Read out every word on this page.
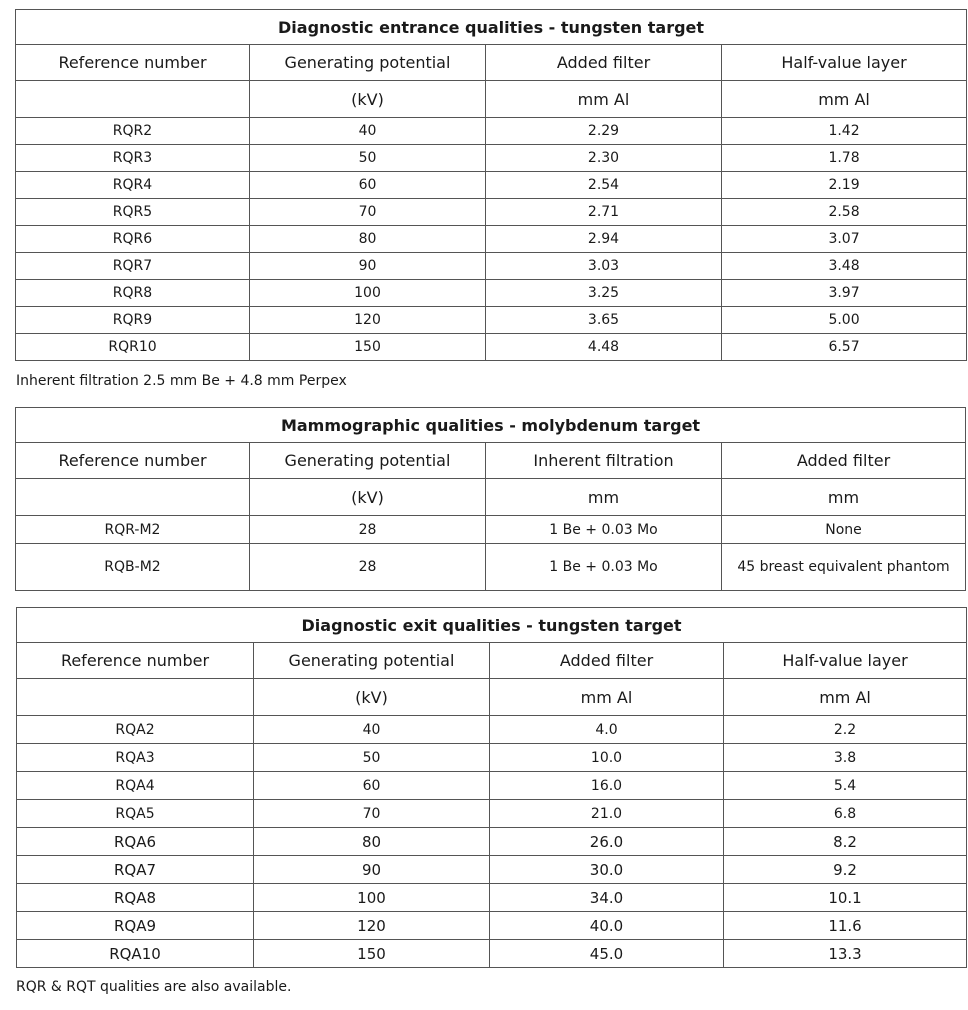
Diagnostic entrance qualities - tungsten target			
Reference number	Generating potential	Added filter	Half-value layer
	(kV)	mm Al	mm Al
RQR2	40	2.29	1.42
RQR3	50	2.30	1.78
RQR4	60	2.54	2.19
RQR5	70	2.71	2.58
RQR6	80	2.94	3.07
RQR7	90	3.03	3.48
RQR8	100	3.25	3.97
RQR9	120	3.65	5.00
RQR10	150	4.48	6.57
Inherent filtration 2.5 mm Be + 4.8 mm Perpex
Mammographic qualities - molybdenum target			
Reference number	Generating potential	Inherent filtration	Added filter
	(kV)	mm	mm
RQR-M2	28	1 Be + 0.03 Mo	None
RQB-M2	28	1 Be + 0.03 Mo	45 breast equivalent phantom
Diagnostic exit qualities - tungsten target			
Reference number	Generating potential	Added filter	Half-value layer
	(kV)	mm Al	mm Al
RQA2	40	4.0	2.2
RQA3	50	10.0	3.8
RQA4	60	16.0	5.4
RQA5	70	21.0	6.8
RQA6	80	26.0	8.2
RQA7	90	30.0	9.2
RQA8	100	34.0	10.1
RQA9	120	40.0	11.6
RQA10	150	45.0	13.3
RQR & RQT qualities are also available.
